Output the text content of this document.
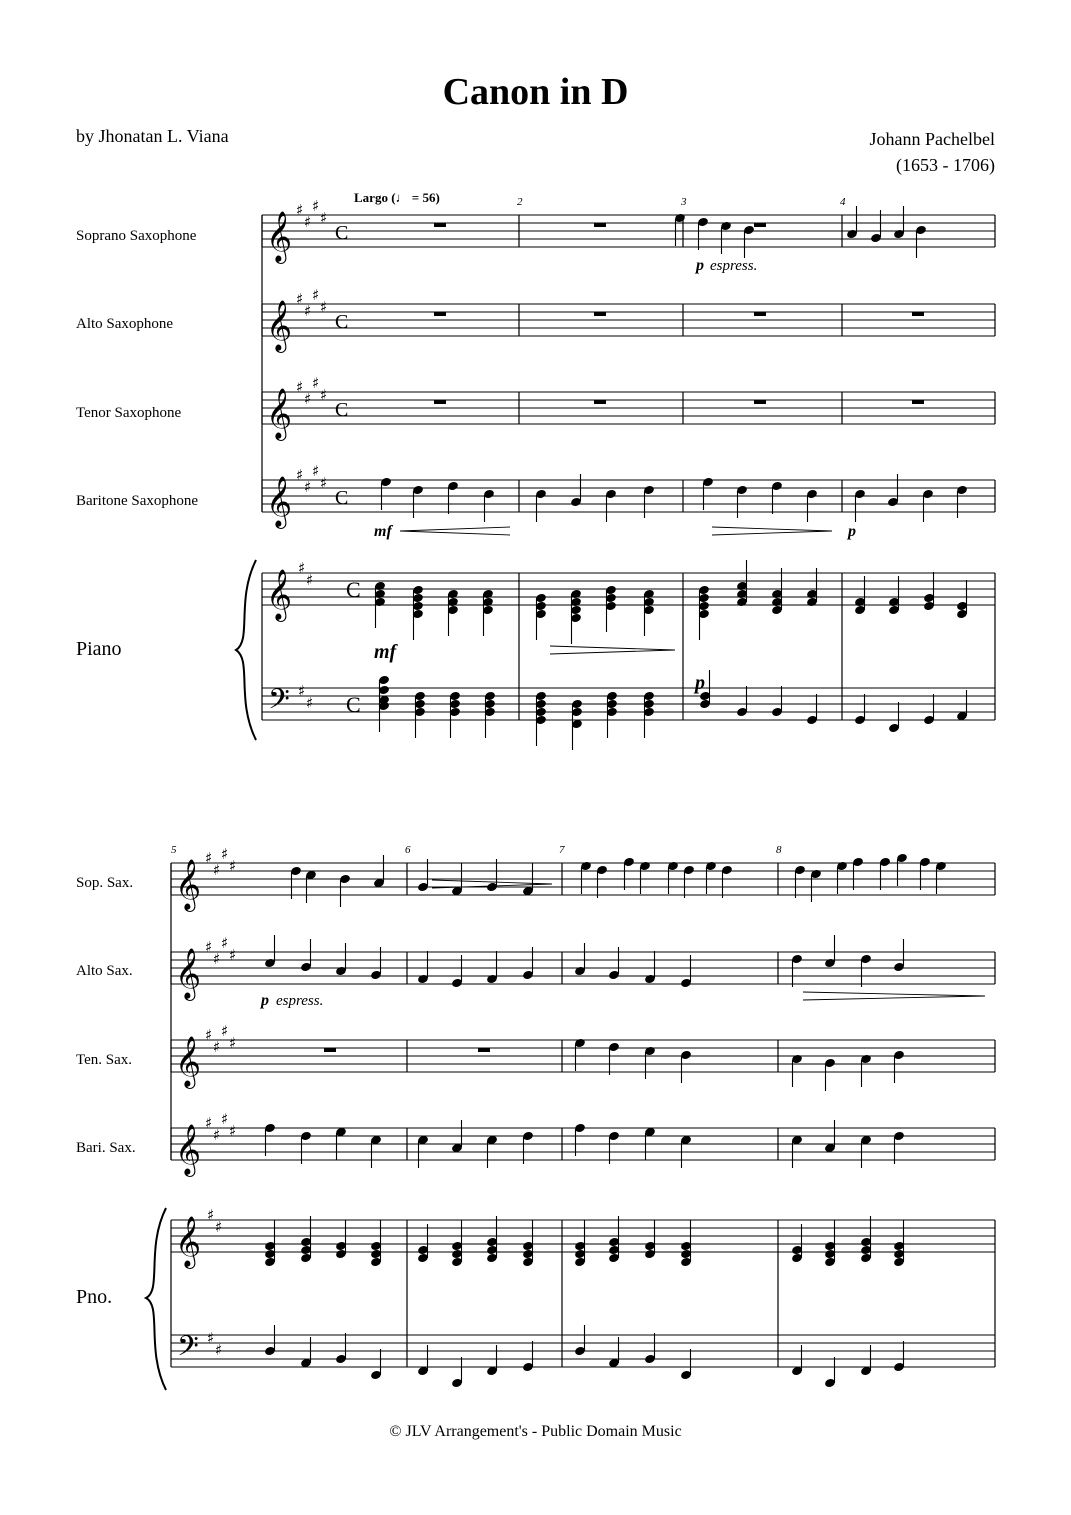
Canon in D
by Jhonatan L. Viana	Johann Pachelbel
(1653 - 1706)
Largo (♩ = 56)
Soprano Saxophone
Alto Saxophone
Tenor Saxophone
Baritone Saxophone
Piano
Sop. Sax.
Alto Sax.
Ten. Sax.
Bari. Sax.
Pno.
𝄞
♯
♯
♯
♯
C
𝄞
♯
♯
♯
♯
C
𝄞
♯
♯
♯
♯
C
𝄞
♯
♯
♯
♯
C
𝄞
𝄢
♯
♯
♯
♯
C
C
𝄞
♯
♯
♯
♯
𝄞
♯
♯
♯
♯
𝄞
♯
♯
♯
♯
𝄞
♯
♯
♯
♯
𝄞
𝄢
♯
♯
♯
♯
2	3	4
p espress.
mf	p
mf
p
5	6	7	8
p espress.
© JLV Arrangement's - Public Domain Music
